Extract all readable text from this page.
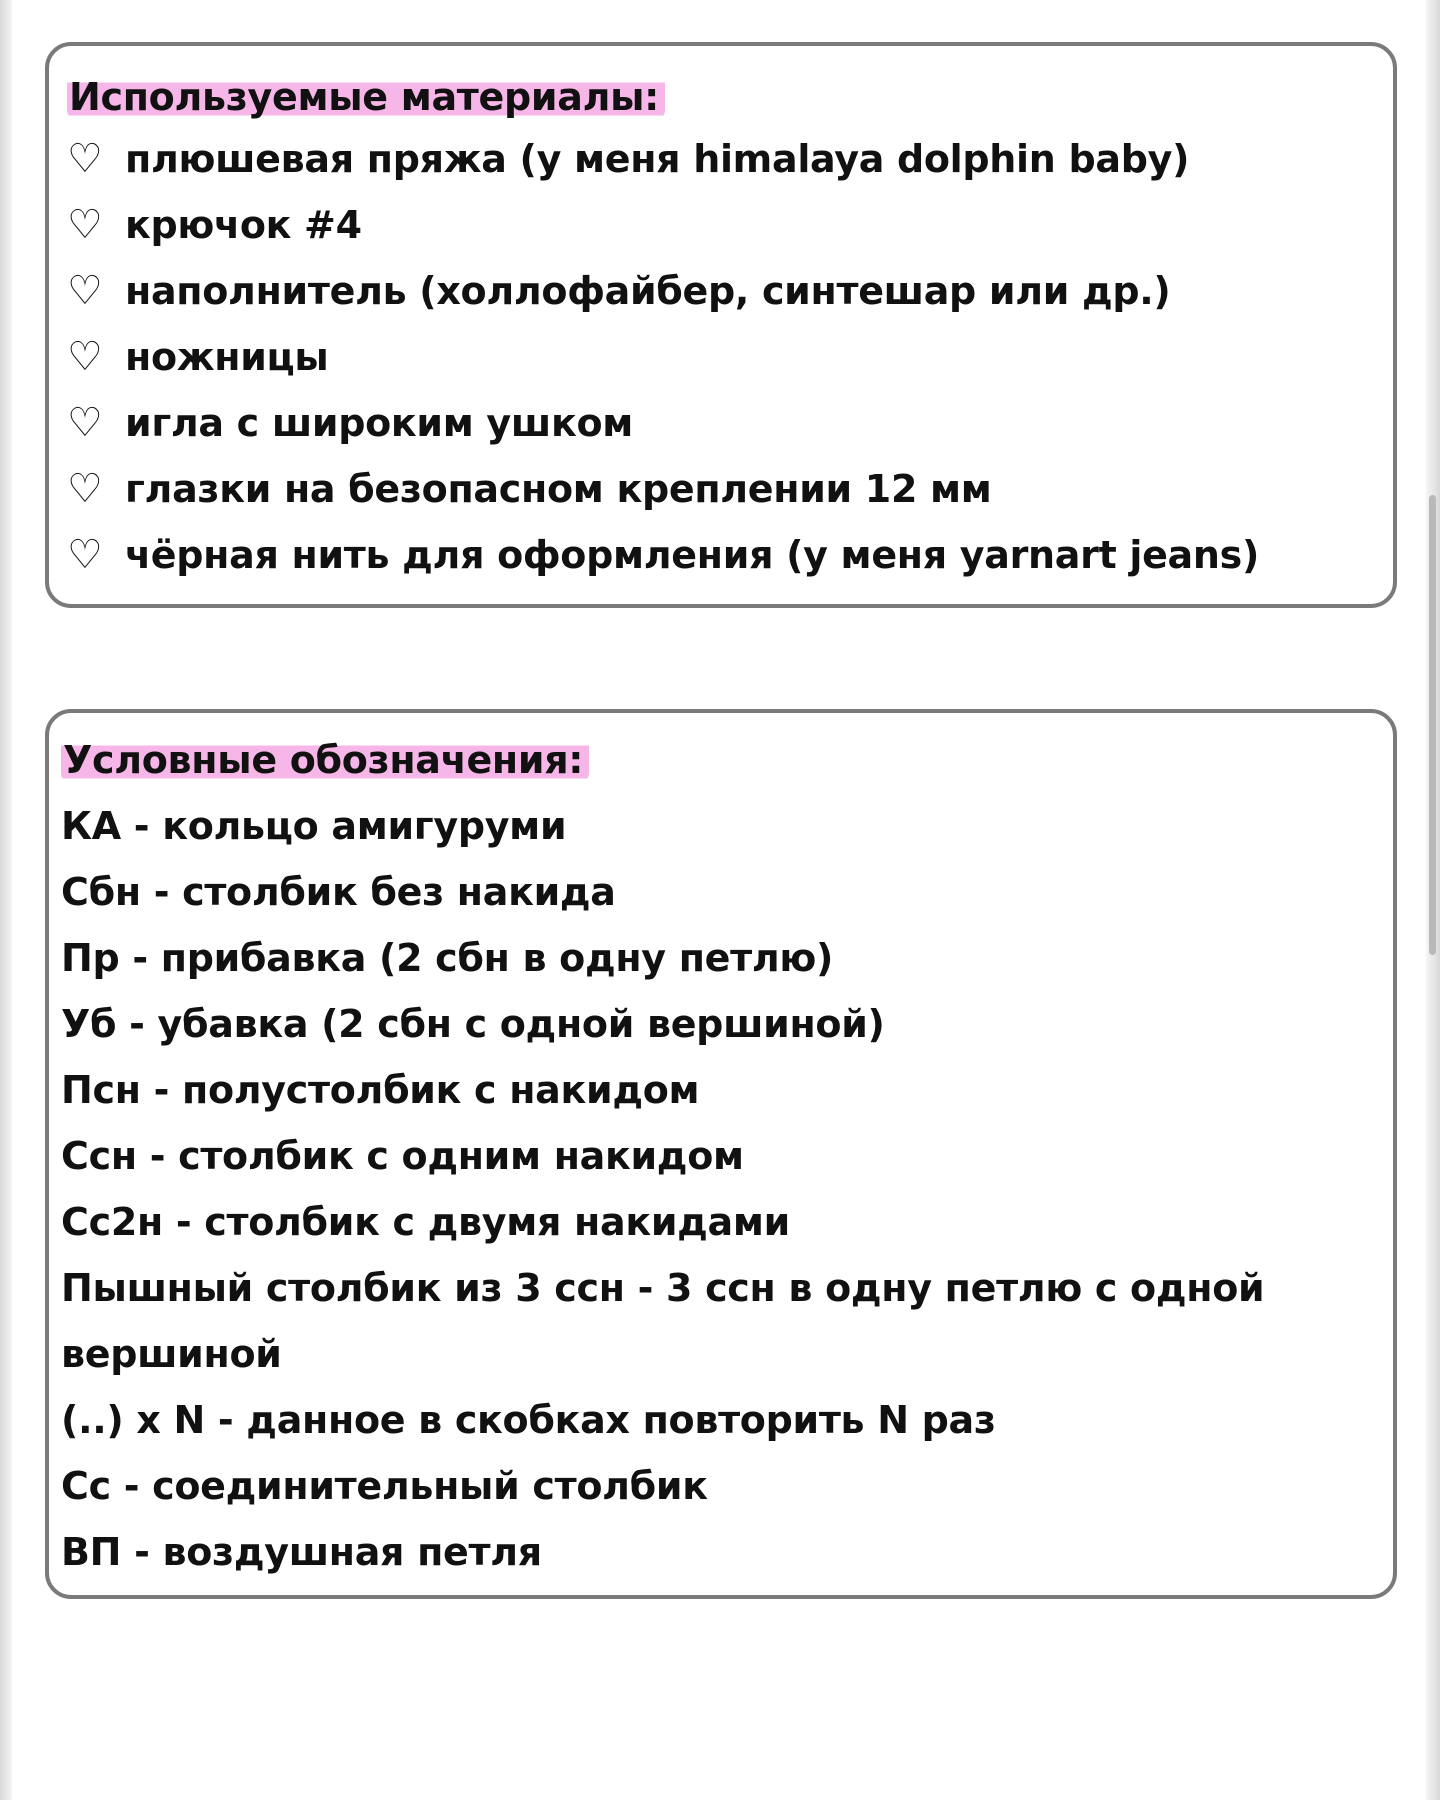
Используемые материалы:
♡ плюшевая пряжа (у меня himalaya dolphin baby)
♡ крючок #4
♡ наполнитель (холлофайбер, синтешар или др.)
♡ ножницы
♡ игла с широким ушком
♡ глазки на безопасном креплении 12 мм
♡ чёрная нить для оформления (у меня yarnart jeans)
Условные обозначения:
КА - кольцо амигуруми
Сбн - столбик без накида
Пр - прибавка (2 сбн в одну петлю)
Уб - убавка (2 сбн с одной вершиной)
Псн - полустолбик с накидом
Ссн - столбик с одним накидом
Сс2н - столбик с двумя накидами
Пышный столбик из 3 ссн - 3 ссн в одну петлю с одной вершиной
(..) x N - данное в скобках повторить N раз
Сс - соединительный столбик
ВП - воздушная петля
